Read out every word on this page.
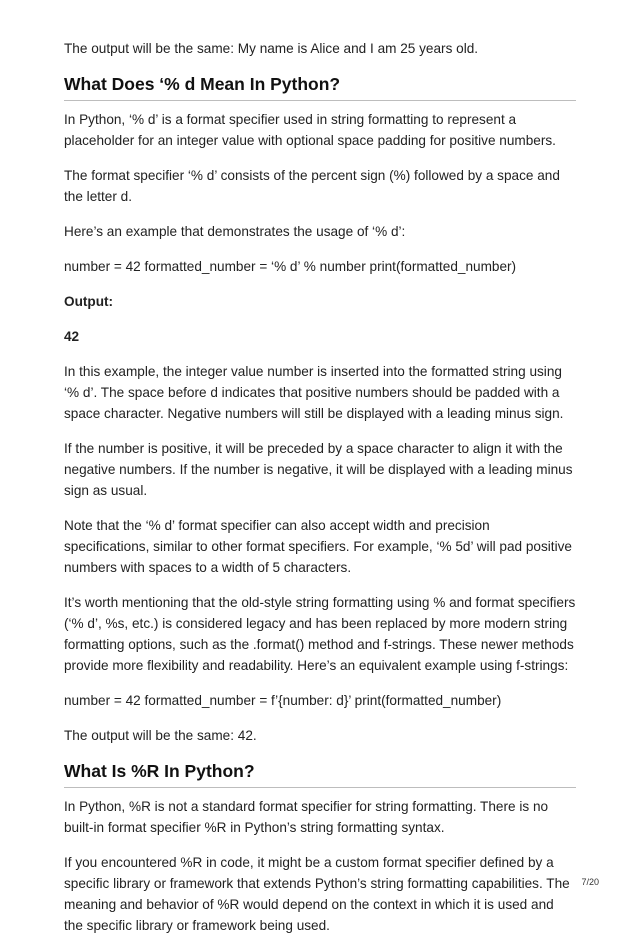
The output will be the same: My name is Alice and I am 25 years old.

What Does ‘% d Mean In Python?

In Python, ‘% d’ is a format specifier used in string formatting to represent a placeholder for an integer value with optional space padding for positive numbers.

The format specifier ‘% d’ consists of the percent sign (%) followed by a space and the letter d.

Here’s an example that demonstrates the usage of ‘% d’:

number = 42 formatted_number = ‘% d’ % number print(formatted_number)

Output:

42

In this example, the integer value number is inserted into the formatted string using ‘% d’. The space before d indicates that positive numbers should be padded with a space character. Negative numbers will still be displayed with a leading minus sign.

If the number is positive, it will be preceded by a space character to align it with the negative numbers. If the number is negative, it will be displayed with a leading minus sign as usual.

Note that the ‘% d’ format specifier can also accept width and precision specifications, similar to other format specifiers. For example, ‘% 5d’ will pad positive numbers with spaces to a width of 5 characters.

It’s worth mentioning that the old-style string formatting using % and format specifiers (‘% d’, %s, etc.) is considered legacy and has been replaced by more modern string formatting options, such as the .format() method and f-strings. These newer methods provide more flexibility and readability. Here’s an equivalent example using f-strings:

number = 42 formatted_number = f’{number: d}’ print(formatted_number)

The output will be the same: 42.

What Is %R In Python?

In Python, %R is not a standard format specifier for string formatting. There is no built-in format specifier %R in Python’s string formatting syntax.

If you encountered %R in code, it might be a custom format specifier defined by a specific library or framework that extends Python’s string formatting capabilities. The meaning and behavior of %R would depend on the context in which it is used and the specific library or framework being used.

7/20
